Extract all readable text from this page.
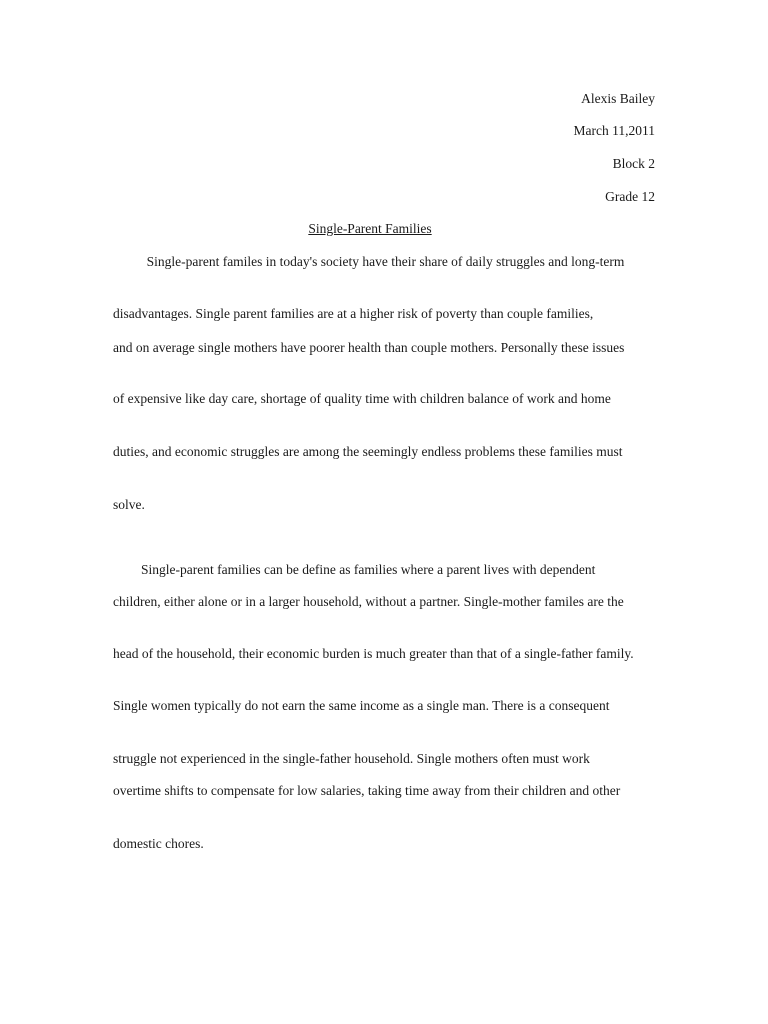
Alexis Bailey
March 11,2011
Block 2
Grade 12
Single-Parent Families
Single-parent familes in today's society have their share of daily struggles and long-term
disadvantages. Single parent families are at a higher risk of poverty than couple families,
and on average single mothers have poorer health than couple mothers. Personally these issues
of expensive like day care, shortage of quality time with children balance of work and home
duties, and economic struggles are among the seemingly endless problems these families must
solve.
Single-parent families can be define as families where a parent lives with dependent
children, either alone or in a larger household, without a partner. Single-mother familes are the
head of the household, their economic burden is much greater than that of a single-father family.
Single women typically do not earn the same income as a single man. There is a consequent
struggle not experienced in the single-father household. Single mothers often must work
overtime shifts to compensate for low salaries, taking time away from their children and other
domestic chores.
